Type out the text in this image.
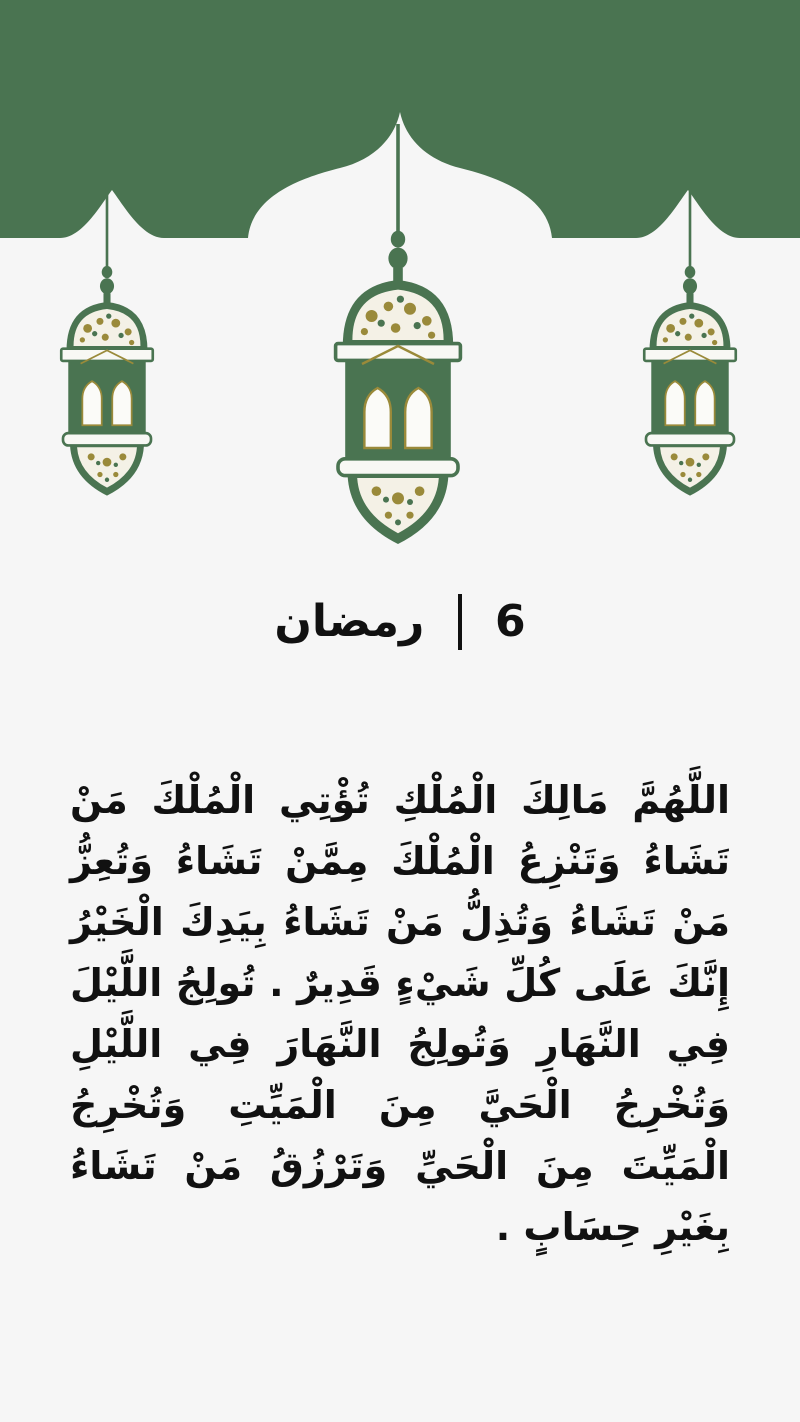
رمضان 6

اللَّهُمَّ مَالِكَ الْمُلْكِ تُؤْتِي الْمُلْكَ مَنْ تَشَاءُ وَتَنْزِعُ الْمُلْكَ مِمَّنْ تَشَاءُ وَتُعِزُّ مَنْ تَشَاءُ وَتُذِلُّ مَنْ تَشَاءُ بِيَدِكَ الْخَيْرُ إِنَّكَ عَلَى كُلِّ شَيْءٍ قَدِيرٌ . تُولِجُ اللَّيْلَ فِي النَّهَارِ وَتُولِجُ النَّهَارَ فِي اللَّيْلِ وَتُخْرِجُ الْحَيَّ مِنَ الْمَيِّتِ وَتُخْرِجُ الْمَيِّتَ مِنَ الْحَيِّ وَتَرْزُقُ مَنْ تَشَاءُ بِغَيْرِ حِسَابٍ .
